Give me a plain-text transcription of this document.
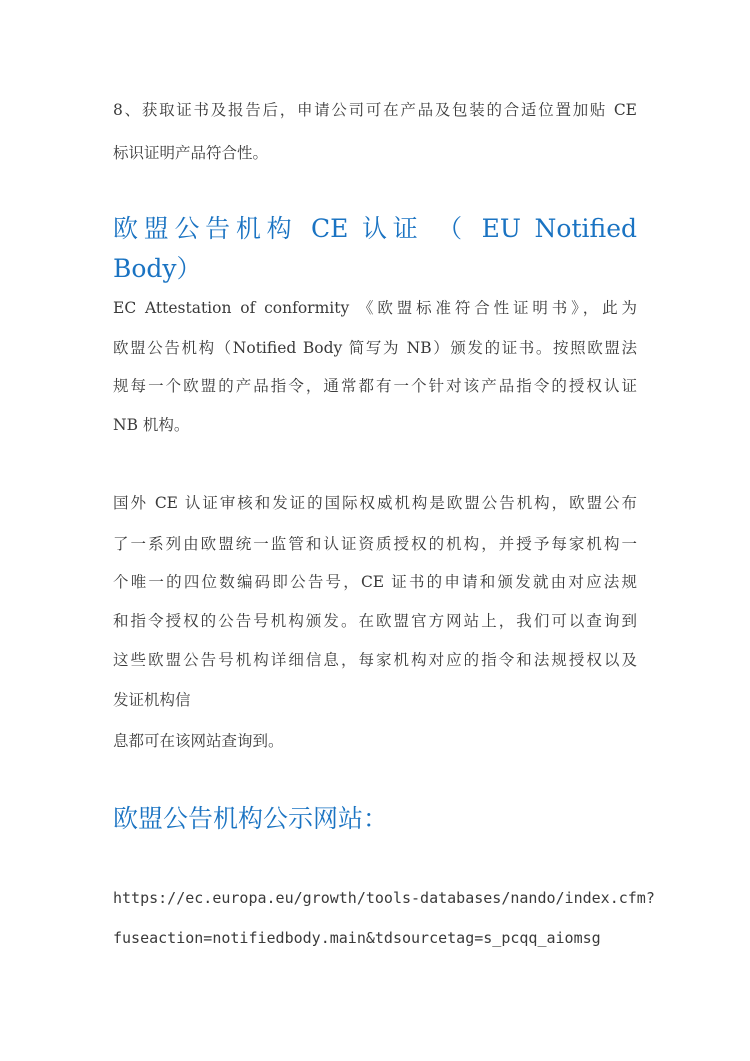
8、获取证书及报告后，申请公司可在产品及包装的合适位置加贴 CE
标识证明产品符合性。
欧盟公告机构 CE 认证 （ EU Notified
Body）
EC Attestation of conformity 《欧盟标准符合性证明书》，此为
欧盟公告机构（Notified Body 简写为 NB）颁发的证书。按照欧盟法
规每一个欧盟的产品指令，通常都有一个针对该产品指令的授权认证
NB 机构。
国外 CE 认证审核和发证的国际权威机构是欧盟公告机构，欧盟公布
了一系列由欧盟统一监管和认证资质授权的机构，并授予每家机构一
个唯一的四位数编码即公告号，CE 证书的申请和颁发就由对应法规
和指令授权的公告号机构颁发。在欧盟官方网站上，我们可以查询到
这些欧盟公告号机构详细信息，每家机构对应的指令和法规授权以及
发证机构信
息都可在该网站查询到。
欧盟公告机构公示网站：
https://ec.europa.eu/growth/tools-databases/nando/index.cfm?
fuseaction=notifiedbody.main&tdsourcetag=s_pcqq_aiomsg
